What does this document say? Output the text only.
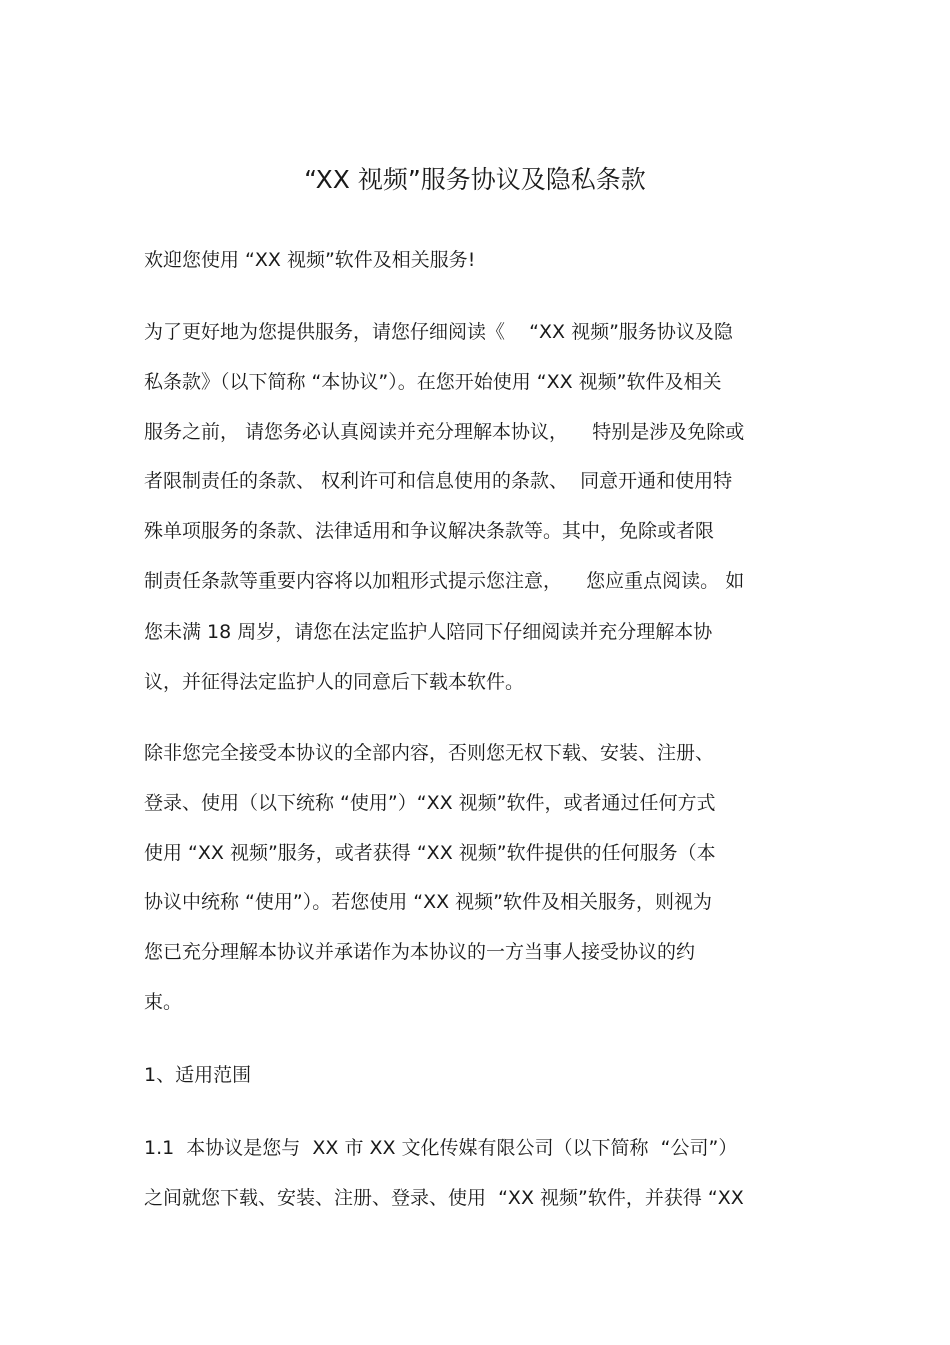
“XX 视频”服务协议及隐私条款
欢迎您使用 “XX 视频”软件及相关服务!
为了更好地为您提供服务，请您仔细阅读《    “XX 视频”服务协议及隐
私条款》（以下简称 “本协议”）。在您开始使用 “XX 视频”软件及相关
服务之前， 请您务必认真阅读并充分理解本协议，    特别是涉及免除或
者限制责任的条款、 权利许可和信息使用的条款、  同意开通和使用特
殊单项服务的条款、法律适用和争议解决条款等。其中，免除或者限
制责任条款等重要内容将以加粗形式提示您注意，    您应重点阅读。 如
您未满 18 周岁，请您在法定监护人陪同下仔细阅读并充分理解本协
议，并征得法定监护人的同意后下载本软件。
除非您完全接受本协议的全部内容，否则您无权下载、安装、注册、
登录、使用（以下统称 “使用”）“XX 视频”软件，或者通过任何方式
使用 “XX 视频”服务，或者获得 “XX 视频”软件提供的任何服务（本
协议中统称 “使用”）。若您使用 “XX 视频”软件及相关服务，则视为
您已充分理解本协议并承诺作为本协议的一方当事人接受协议的约
束。
1、适用范围
1.1  本协议是您与  XX 市 XX 文化传媒有限公司（以下简称  “公司”）
之间就您下载、安装、注册、登录、使用  “XX 视频”软件，并获得 “XX
